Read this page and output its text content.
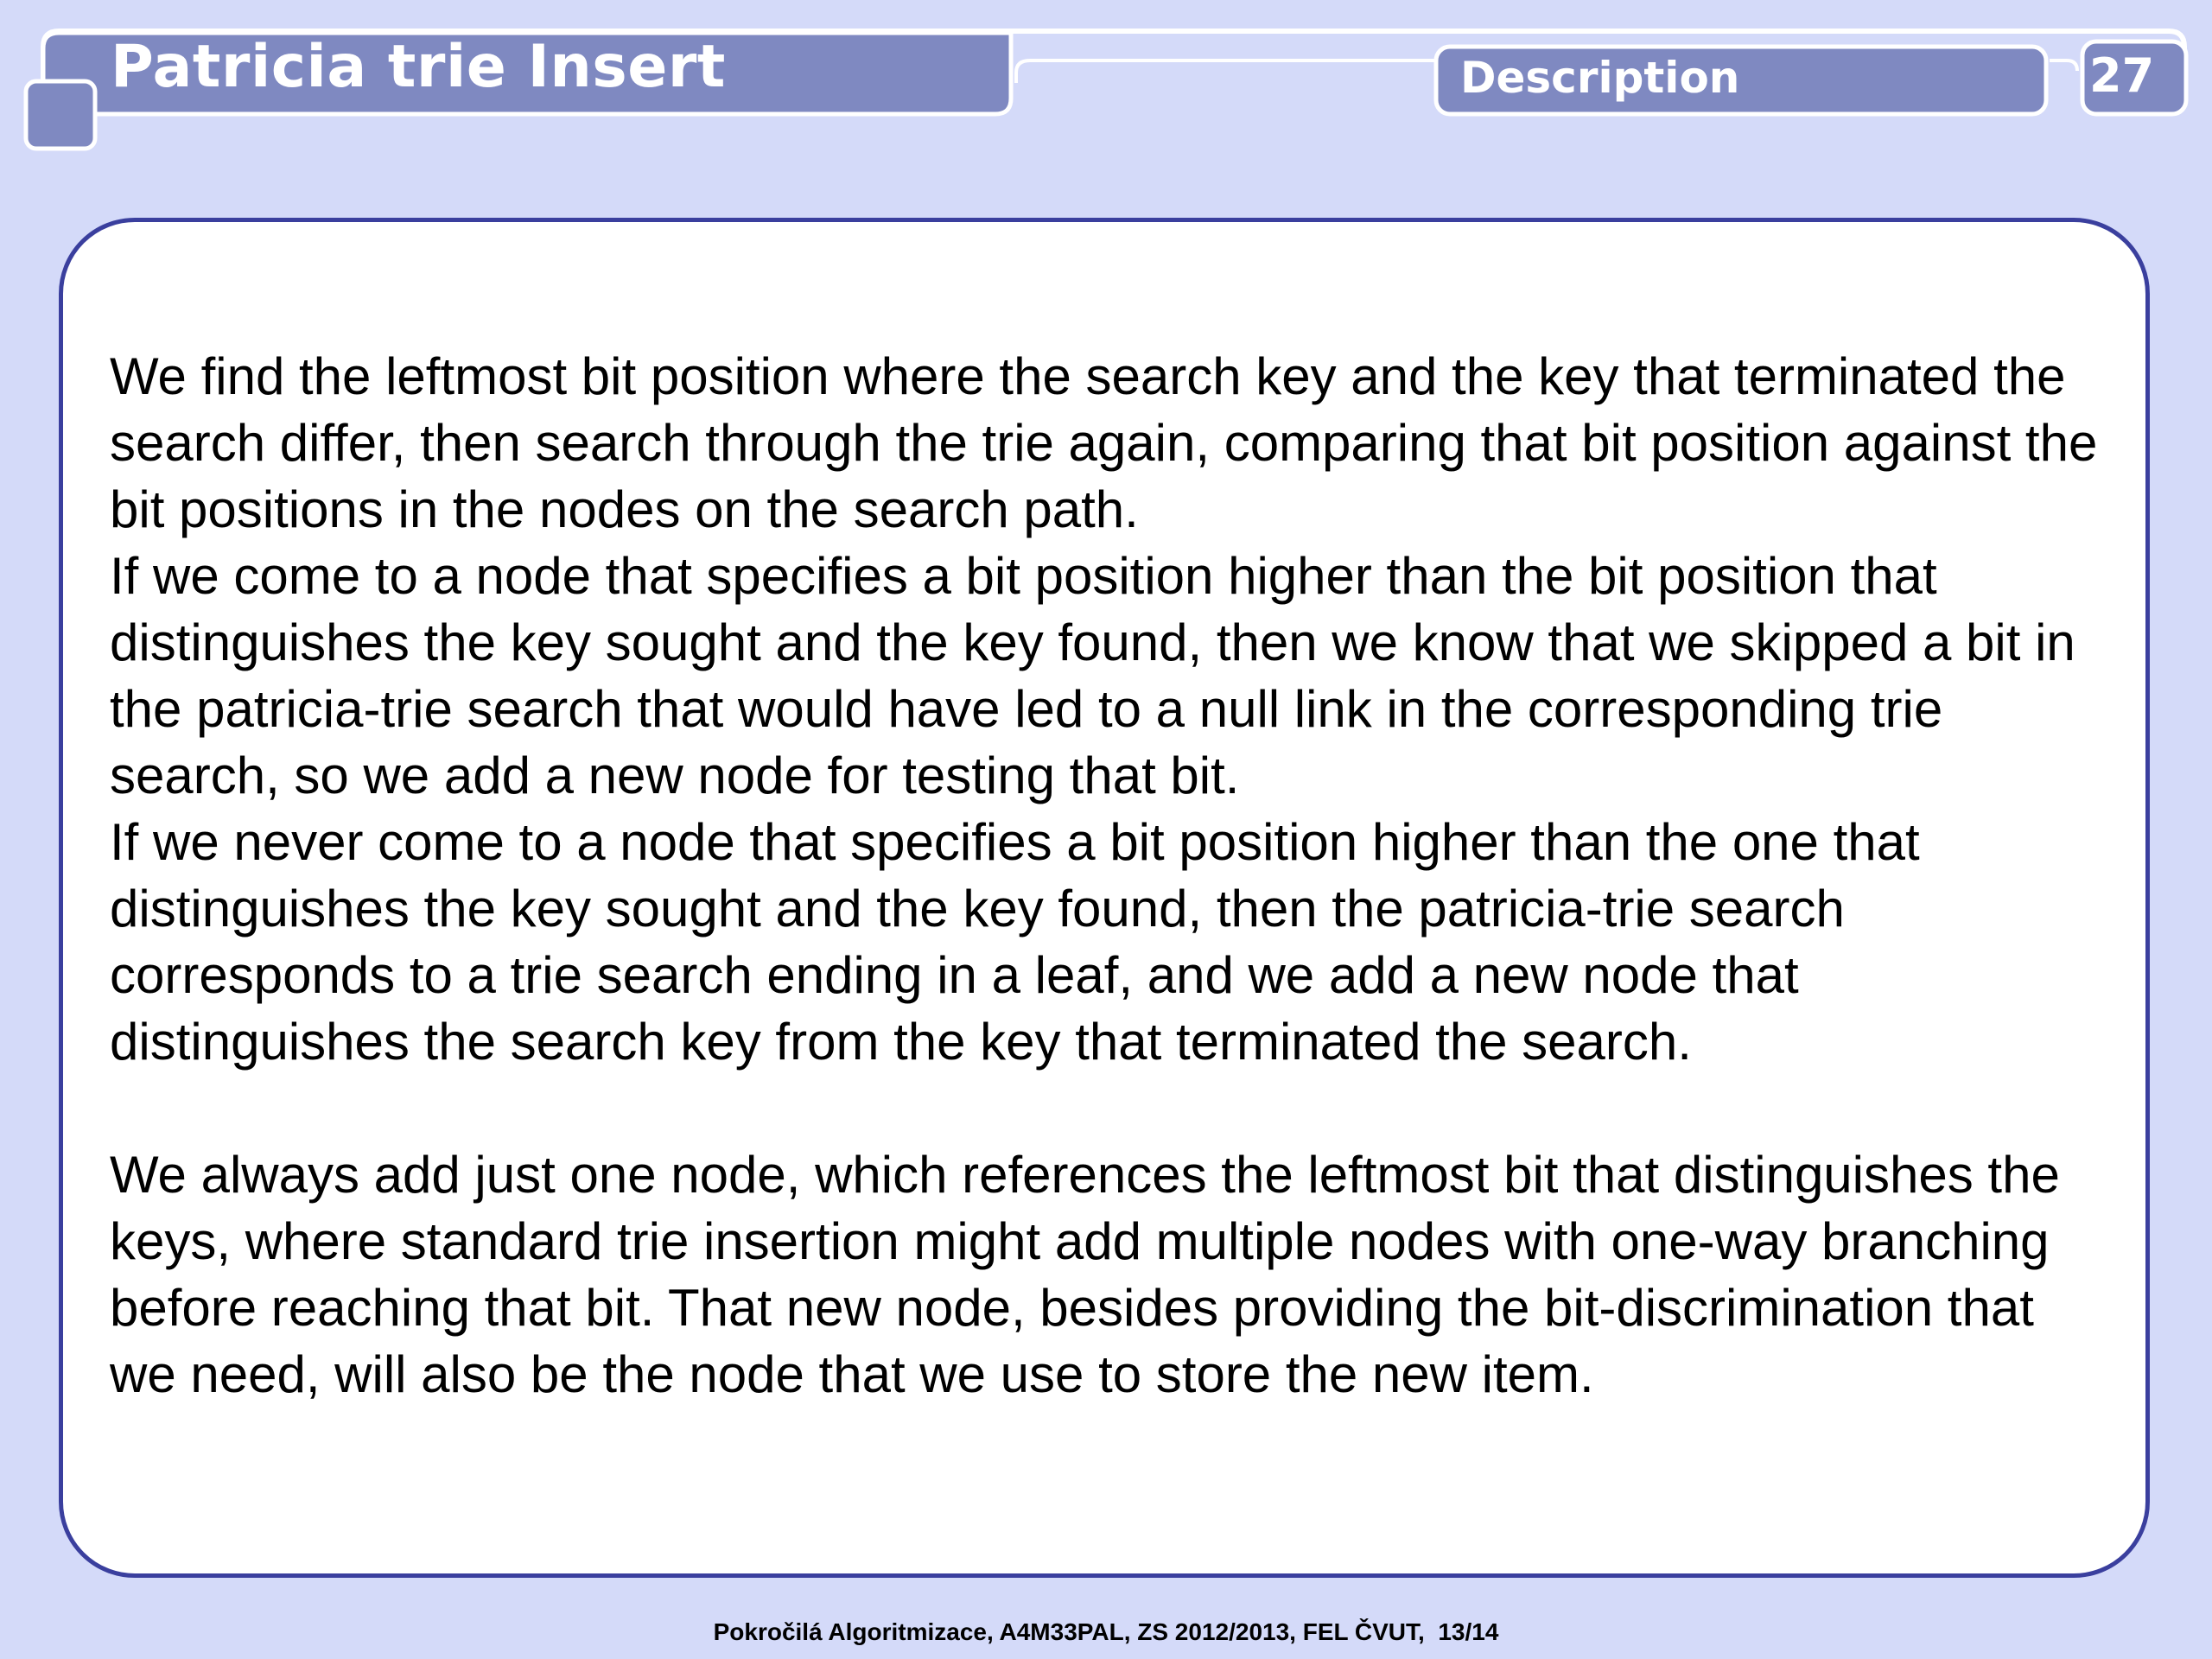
Patricia trie Insert	Description	27

We find the leftmost bit position where the search key and the key that terminated the search differ, then search through the trie again, comparing that bit position against the bit positions in the nodes on the search path.

If we come to a node that specifies a bit position higher than the bit position that distinguishes the key sought and the key found, then we know that we skipped a bit in the patricia-trie search that would have led to a null link in the corresponding trie search, so we add a new node for testing that bit.

If we never come to a node that specifies a bit position higher than the one that distinguishes the key sought and the key found, then the patricia-trie search corresponds to a trie search ending in a leaf, and we add a new node that distinguishes the search key from the key that terminated the search.

We always add just one node, which references the leftmost bit that distinguishes the keys, where standard trie insertion might add multiple nodes with one-way branching before reaching that bit. That new node, besides providing the bit-discrimination that we need, will also be the node that we use to store the new item.

Pokročilá Algoritmizace, A4M33PAL, ZS 2012/2013, FEL ČVUT,  13/14
